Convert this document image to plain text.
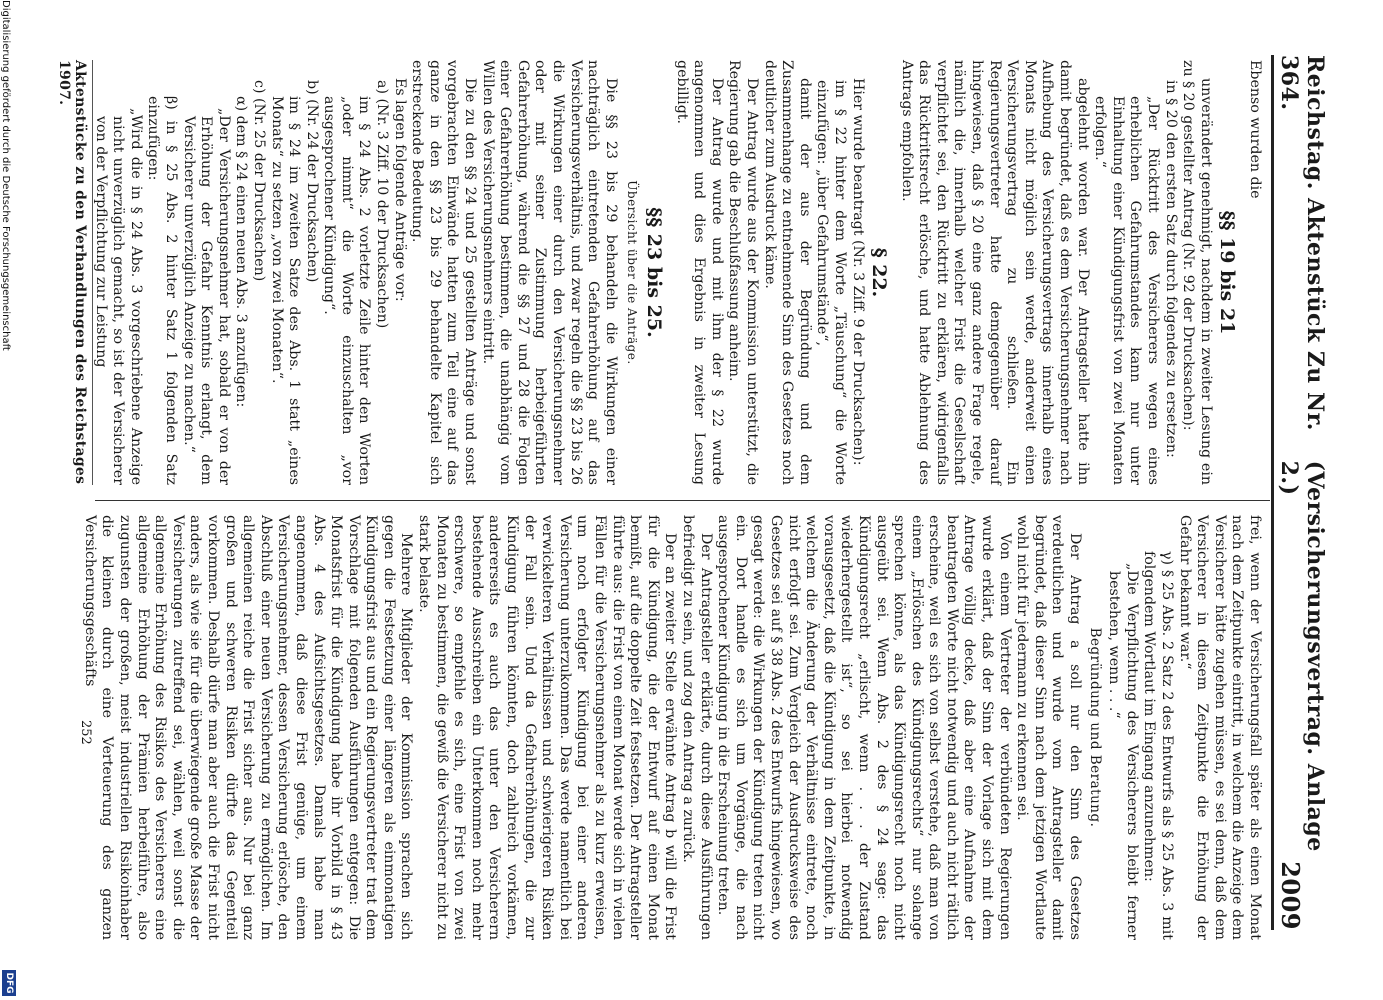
Reichstag. Aktenstück Zu Nr. 364.
(Versicherungsvertrag. Anlage 2.)
2009

Ebenso wurden die

§§ 19 bis 21

unverändert genehmigt, nachdem in zweiter Lesung ein zu § 20 gestellter Antrag (Nr. 92 der Drucksachen):

in § 20 den ersten Satz durch folgendes zu ersetzen:

„Der Rücktritt des Versicherers wegen eines erheblichen Gefahrumstandes kann nur unter Einhaltung einer Kündigungsfrist von zwei Monaten erfolgen.“

abgelehnt worden war. Der Antragsteller hatte ihn damit begründet, daß es dem Versicherungsnehmer nach Aufhebung des Versicherungsvertrags innerhalb eines Monats nicht möglich sein werde, anderweit einen Versicherungsvertrag zu schließen. Ein Regierungsvertreter hatte demgegenüber darauf hingewiesen, daß § 20 eine ganz andere Frage regele, nämlich die, innerhalb welcher Frist die Gesellschaft verpflichtet sei, den Rücktritt zu erklären, widrigenfalls das Rücktrittsrecht erlösche, und hatte Ablehnung des Antrags empfohlen.

§ 22.

Hier wurde beantragt (Nr. 3 Ziff. 9 der Drucksachen):

im § 22 hinter dem Worte „Täuschung“ die Worte einzufügen: „über Gefahrumstände“,

damit der aus der Begründung und dem Zusammenhange zu entnehmende Sinn des Gesetzes noch deutlicher zum Ausdruck käme.

Der Antrag wurde aus der Kommission unterstützt, die Regierung gab die Beschlußfassung anheim.

Der Antrag wurde und mit ihm der § 22 wurde angenommen und dies Ergebnis in zweiter Lesung gebilligt.

§§ 23 bis 25.

Übersicht über die Anträge.

Die §§ 23 bis 29 behandeln die Wirkungen einer nachträglich eintretenden Gefahrerhöhung auf das Versicherungsverhältnis, und zwar regeln die §§ 23 bis 26 die Wirkungen einer durch den Versicherungsnehmer oder mit seiner Zustimmung herbeigeführten Gefahrerhöhung, während die §§ 27 und 28 die Folgen einer Gefahrerhöhung bestimmen, die unabhängig vom Willen des Versicherungsnehmers eintritt.

Die zu den §§ 24 und 25 gestellten Anträge und sonst vorgebrachten Einwände hatten zum Teil eine auf das ganze in den §§ 23 bis 29 behandelte Kapitel sich erstreckende Bedeutung.

Es lagen folgende Anträge vor:

a) (Nr. 3 Ziff. 10 der Drucksachen)

im § 24 Abs. 2 vorletzte Zeile hinter den Worten „oder nimmt“ die Worte einzuschalten „vor ausgesprochener Kündigung“.

b) (Nr. 24 der Drucksachen)

im § 24 im zweiten Satze des Abs. 1 statt „eines Monats“ zu setzen „von zwei Monaten“.

c) (Nr. 25 der Drucksachen)

α) dem § 24 einen neuen Abs. 3 anzufügen:

„Der Versicherungsnehmer hat, sobald er von der Erhöhung der Gefahr Kenntnis erlangt, dem Versicherer unverzüglich Anzeige zu machen.“

β) in § 25 Abs. 2 hinter Satz 1 folgenden Satz einzufügen:

„Wird die in § 24 Abs. 3 vorgeschriebene Anzeige nicht unverzüglich gemacht, so ist der Versicherer von der Verpflichtung zur Leistung

frei, wenn der Versicherungsfall später als einen Monat nach dem Zeitpunkte eintritt, in welchem die Anzeige dem Versicherer hätte zugehen müssen, es sei denn, daß dem Versicherer in diesem Zeitpunkte die Erhöhung der Gefahr bekannt war.“

γ) § 25 Abs. 2 Satz 2 des Entwurfs als § 25 Abs. 3 mit folgendem Wortlaut im Eingang anzunehmen:

„Die Verpflichtung des Versicherers bleibt ferner bestehen, wenn . . .“

Begründung und Beratung.

Der Antrag a soll nur den Sinn des Gesetzes verdeutlichen und wurde vom Antragsteller damit begründet, daß dieser Sinn nach dem jetzigen Wortlaute wohl nicht für jedermann zu erkennen sei.

Von einem Vertreter der verbündeten Regierungen wurde erklärt, daß der Sinn der Vorlage sich mit dem Antrage völlig decke, daß aber eine Aufnahme der beantragten Worte nicht notwendig und auch nicht rätlich erscheine, weil es sich von selbst verstehe, daß man von einem „Erlöschen des Kündigungsrechts“ nur solange sprechen könne, als das Kündigungsrecht noch nicht ausgeübt sei. Wenn Abs. 2 des § 24 sage: das Kündigungsrecht „erlischt, wenn . . . der Zustand wiederhergestellt ist“, so sei hierbei notwendig vorausgesetzt, daß die Kündigung in dem Zeitpunkte, in welchem die Änderung der Verhältnisse eintrete, noch nicht erfolgt sei. Zum Vergleich der Ausdrucksweise des Gesetzes sei auf § 38 Abs. 2 des Entwurfs hingewiesen, wo gesagt werde: die Wirkungen der Kündigung treten nicht ein. Dort handle es sich um Vorgänge, die nach ausgesprochener Kündigung in die Erscheinung treten.

Der Antragsteller erklärte, durch diese Ausführungen befriedigt zu sein, und zog den Antrag a zurück.

Der an zweiter Stelle erwähnte Antrag b will die Frist für die Kündigung, die der Entwurf auf einen Monat bemißt, auf die doppelte Zeit festsetzen. Der Antragsteller führte aus: die Frist von einem Monat werde sich in vielen Fällen für die Versicherungsnehmer als zu kurz erweisen, um noch erfolgter Kündigung bei einer anderen Versicherung unterzukommen. Das werde namentlich bei verwickelteren Verhältnissen und schwierigeren Risiken der Fall sein. Und da Gefahrerhöhungen, die zur Kündigung führen könnten, doch zahlreich vorkämen, andererseits es auch das unter den Versicherern bestehende Ausschreiben ein Unterkommen noch mehr erschwere, so empfehle es sich, eine Frist von zwei Monaten zu bestimmen, die gewiß die Versicherer nicht zu stark belaste.

Mehrere Mitglieder der Kommission sprachen sich gegen die Festsetzung einer längeren als einmonatigen Kündigungsfrist aus und ein Regierungsvertreter trat dem Vorschlage mit folgenden Ausführungen entgegen: Die Monatsfrist für die Kündigung habe ihr Vorbild in § 43 Abs. 4 des Aufsichtsgesetzes. Damals habe man angenommen, daß diese Frist genüge, um einem Versicherungsnehmer, dessen Versicherung erlösche, den Abschluß einer neuen Versicherung zu ermöglichen. Im allgemeinen reiche die Frist sicher aus. Nur bei ganz großen und schweren Risiken dürfte das Gegenteil vorkommen. Deshalb dürfe man aber auch die Frist nicht anders, als wie sie für die überwiegende große Masse der Versicherungen zutreffend sei, wählen, weil sonst die allgemeine Erhöhung des Risikos des Versicherers eine allgemeine Erhöhung der Prämien herbeiführe, also zugunsten der großen, meist industriellen Risikoinhaber die kleinen durch eine Verteuerung des ganzen Versicherungsgeschäfts

Aktenstücke zu den Verhandlungen des Reichstages 1907.
252
Digitalisierung gefördert durch die Deutsche Forschungsgemeinschaft
DFG
